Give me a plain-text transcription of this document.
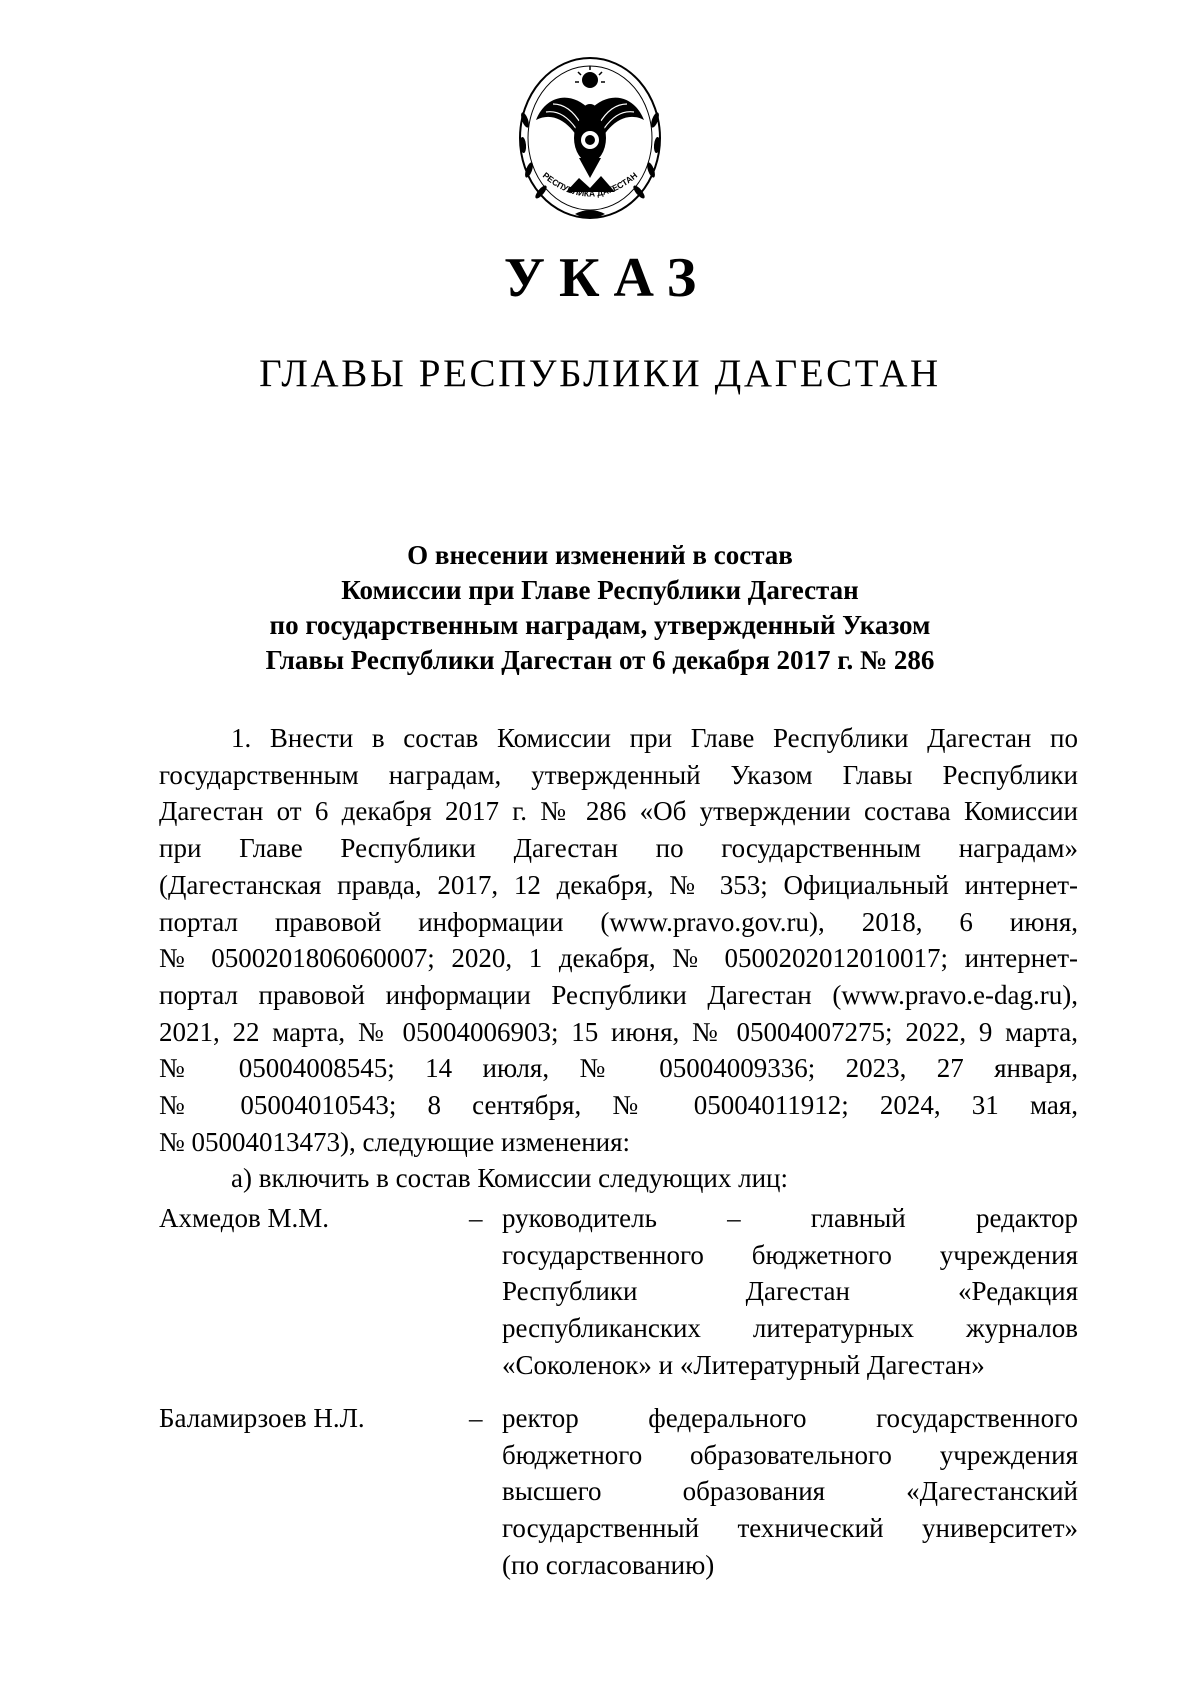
РЕСПУБЛИКА ДАГЕСТАН
УКАЗ
ГЛАВЫ РЕСПУБЛИКИ ДАГЕСТАН
О внесении изменений в состав
Комиссии при Главе Республики Дагестан
по государственным наградам, утвержденный Указом
Главы Республики Дагестан от 6 декабря 2017 г. № 286
1. Внести в состав Комиссии при Главе Республики Дагестан по
государственным наградам, утвержденный Указом Главы Республики
Дагестан от 6 декабря 2017 г. № 286 «Об утверждении состава Комиссии
при Главе Республики Дагестан по государственным наградам»
(Дагестанская правда, 2017, 12 декабря, № 353; Официальный интернет-
портал правовой информации (www.pravo.gov.ru), 2018, 6 июня,
№ 0500201806060007; 2020, 1 декабря, № 0500202012010017; интернет-
портал правовой информации Республики Дагестан (www.pravo.e-dag.ru),
2021, 22 марта, № 05004006903; 15 июня, № 05004007275; 2022, 9 марта,
№ 05004008545; 14 июля, № 05004009336; 2023, 27 января,
№ 05004010543; 8 сентября, № 05004011912; 2024, 31 мая,
№ 05004013473), следующие изменения:
а) включить в состав Комиссии следующих лиц:
Ахмедов М.М.	– руководитель – главный редактор
государственного бюджетного учреждения
Республики Дагестан «Редакция
республиканских литературных журналов
«Соколенок» и «Литературный Дагестан»
Баламирзоев Н.Л.	– ректор федерального государственного
бюджетного образовательного учреждения
высшего образования «Дагестанский
государственный технический университет»
(по согласованию)
